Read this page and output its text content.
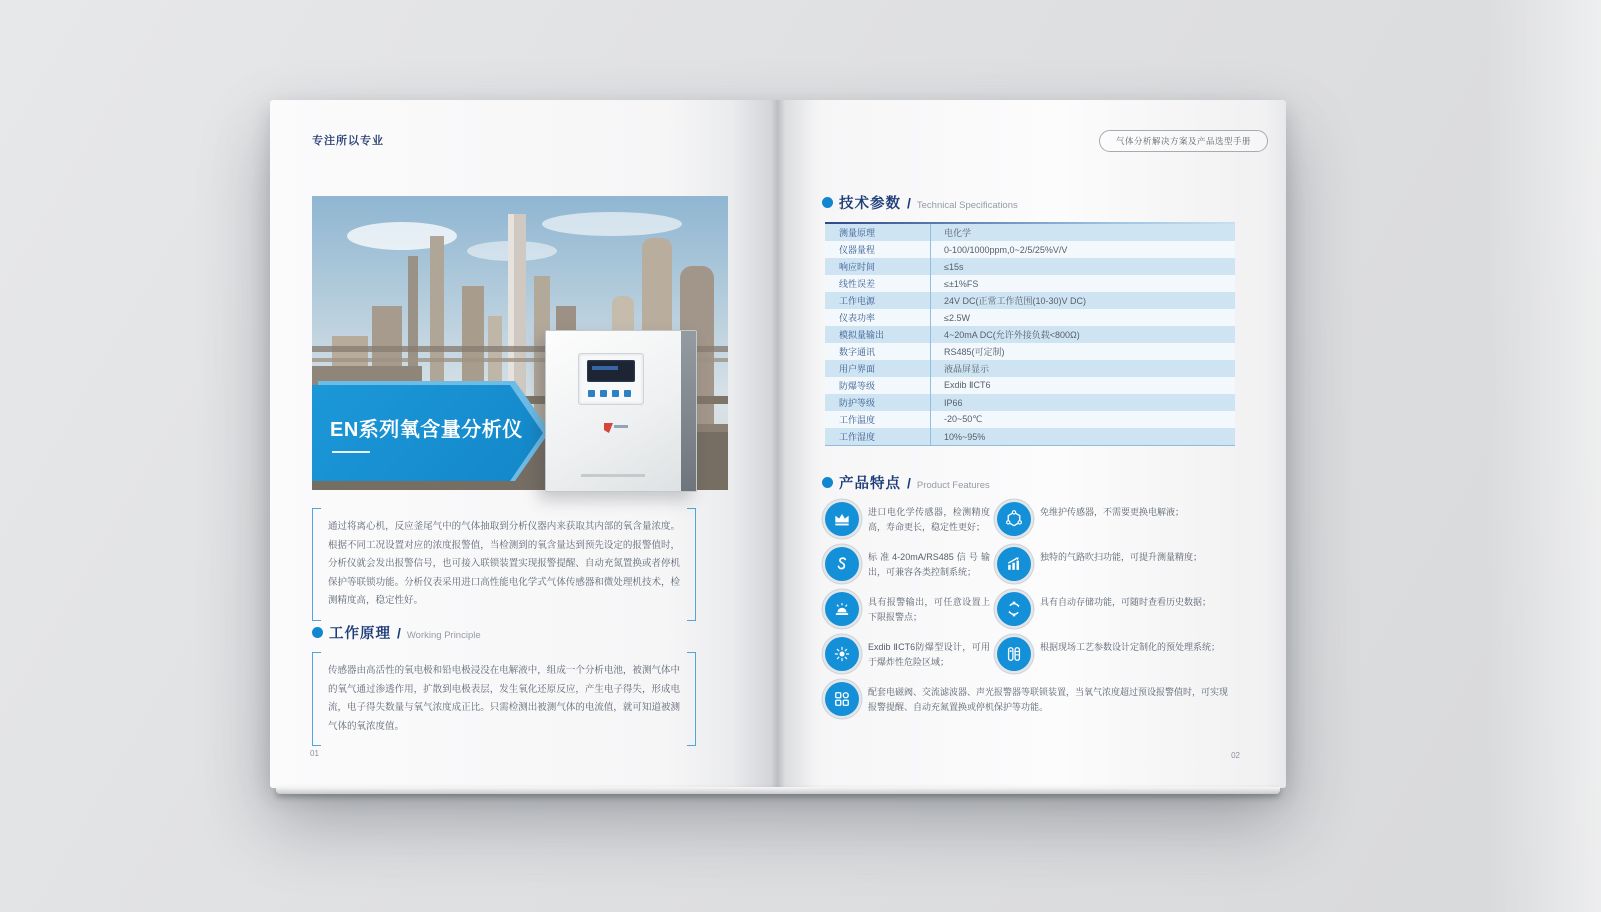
专注所以专业
EN系列氧含量分析仪
通过将离心机，反应釜尾气中的气体抽取到分析仪器内来获取其内部的氧含量浓度。根据不同工况设置对应的浓度报警值，当检测到的氧含量达到预先设定的报警值时，分析仪就会发出报警信号，也可接入联锁装置实现报警提醒、自动充氮置换或者停机保护等联锁功能。分析仪表采用进口高性能电化学式气体传感器和微处理机技术，检测精度高，稳定性好。
工作原理 / Working Principle
传感器由高活性的氧电极和铅电极浸没在电解液中，组成一个分析电池，被测气体中的氧气通过渗透作用，扩散到电极表层，发生氧化还原反应，产生电子得失，形成电流，电子得失数量与氧气浓度成正比。只需检测出被测气体的电流值，就可知道被测气体的氧浓度值。
01
气体分析解决方案及产品选型手册
技术参数 / Technical Specifications
测量原理	电化学
仪器量程	0-100/1000ppm,0~2/5/25%V/V
响应时间	≤15s
线性误差	≤±1%FS
工作电源	24V DC(正常工作范围(10-30)V DC)
仪表功率	≤2.5W
模拟量输出	4~20mA DC(允许外接负载<800Ω)
数字通讯	RS485(可定制)
用户界面	液晶屏显示
防爆等级	Exdib ⅡCT6
防护等级	IP66
工作温度	-20~50℃
工作湿度	10%~95%
产品特点 / Product Features
进口电化学传感器，检测精度高，寿命更长，稳定性更好；
免维护传感器，不需要更换电解液；
标准4-20mA/RS485信号输出，可兼容各类控制系统；
独特的气路吹扫功能，可提升测量精度；
具有报警输出，可任意设置上下限报警点；
具有自动存储功能，可随时查看历史数据；
Exdib ⅡCT6防爆型设计，可用于爆炸性危险区域；
根据现场工艺参数设计定制化的预处理系统；
配套电磁阀、交流滤波器、声光报警器等联锁装置，当氧气浓度超过预设报警值时，可实现报警提醒、自动充氮置换或停机保护等功能。
02
